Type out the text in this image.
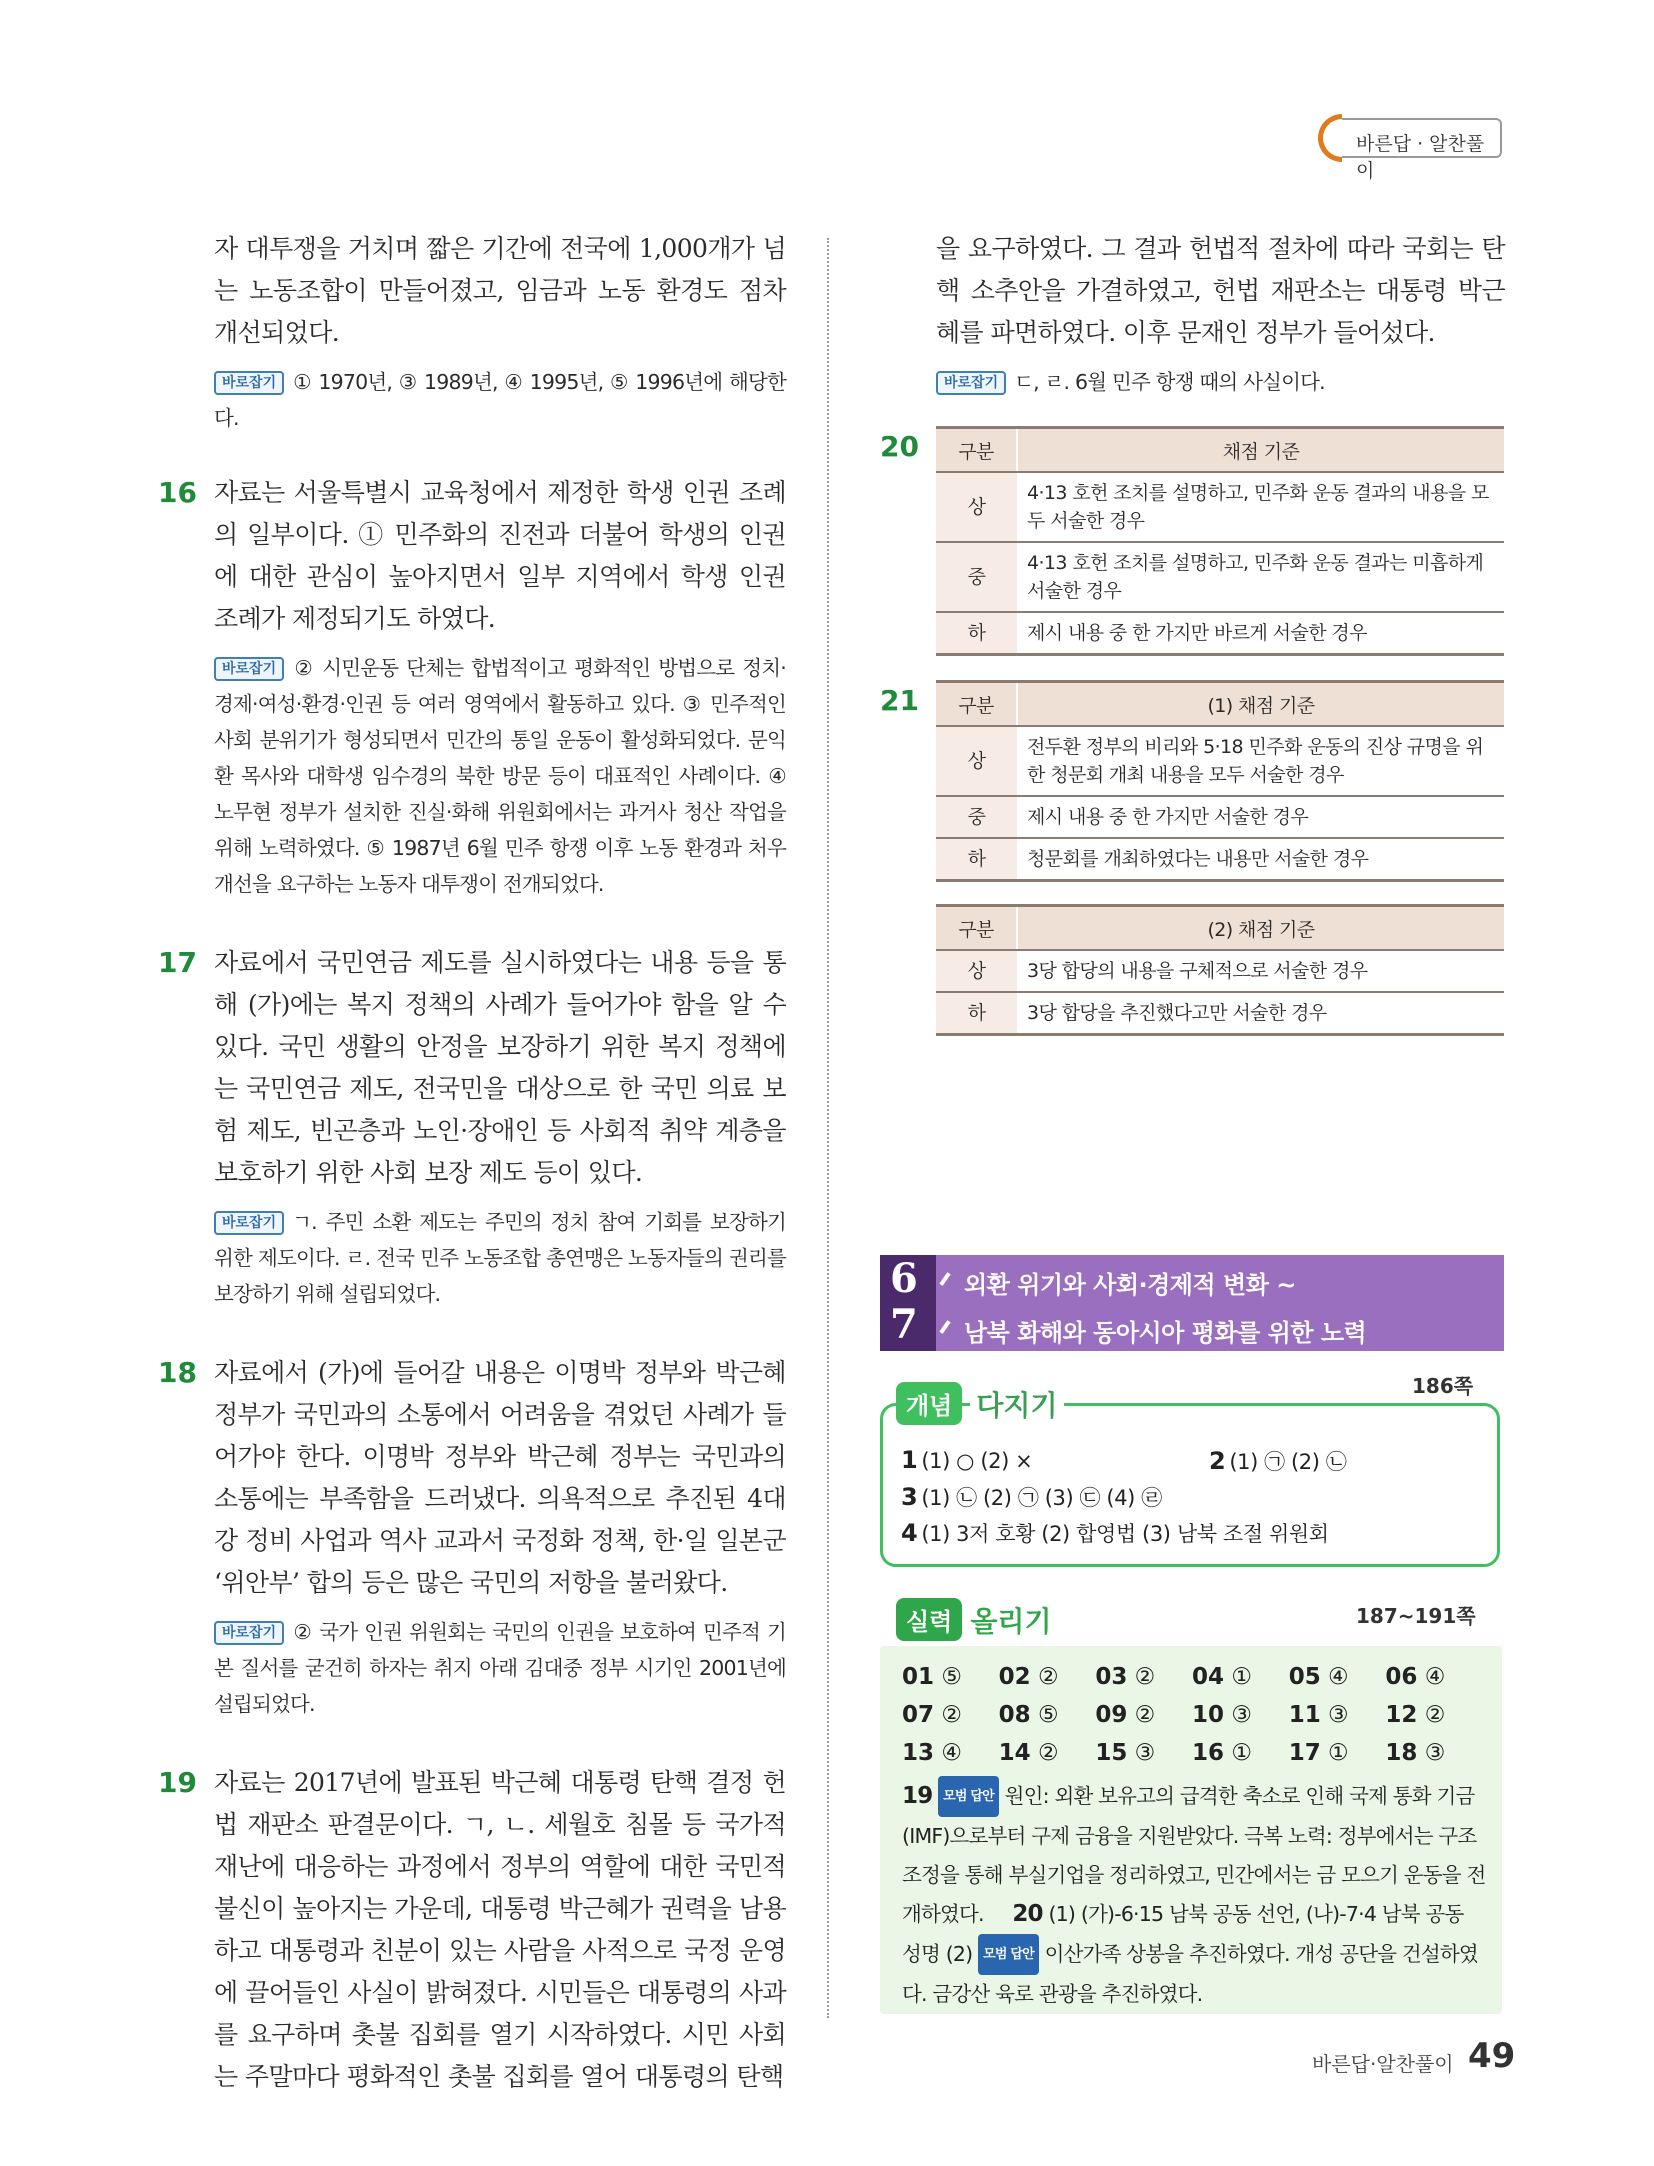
바른답 · 알찬풀이

자 대투쟁을 거치며 짧은 기간에 전국에 1,000개가 넘는 노동조합이 만들어졌고, 임금과 노동 환경도 점차 개선되었다.

바로잡기 ① 1970년, ③ 1989년, ④ 1995년, ⑤ 1996년에 해당한다.

16 자료는 서울특별시 교육청에서 제정한 학생 인권 조례의 일부이다. ① 민주화의 진전과 더불어 학생의 인권에 대한 관심이 높아지면서 일부 지역에서 학생 인권 조례가 제정되기도 하였다.

바로잡기 ② 시민운동 단체는 합법적이고 평화적인 방법으로 정치·경제·여성·환경·인권 등 여러 영역에서 활동하고 있다. ③ 민주적인 사회 분위기가 형성되면서 민간의 통일 운동이 활성화되었다. 문익환 목사와 대학생 임수경의 북한 방문 등이 대표적인 사례이다. ④ 노무현 정부가 설치한 진실·화해 위원회에서는 과거사 청산 작업을 위해 노력하였다. ⑤ 1987년 6월 민주 항쟁 이후 노동 환경과 처우 개선을 요구하는 노동자 대투쟁이 전개되었다.

17 자료에서 국민연금 제도를 실시하였다는 내용 등을 통해 (가)에는 복지 정책의 사례가 들어가야 함을 알 수 있다. 국민 생활의 안정을 보장하기 위한 복지 정책에는 국민연금 제도, 전국민을 대상으로 한 국민 의료 보험 제도, 빈곤층과 노인·장애인 등 사회적 취약 계층을 보호하기 위한 사회 보장 제도 등이 있다.

바로잡기 ㄱ. 주민 소환 제도는 주민의 정치 참여 기회를 보장하기 위한 제도이다. ㄹ. 전국 민주 노동조합 총연맹은 노동자들의 권리를 보장하기 위해 설립되었다.

18 자료에서 (가)에 들어갈 내용은 이명박 정부와 박근혜 정부가 국민과의 소통에서 어려움을 겪었던 사례가 들어가야 한다. 이명박 정부와 박근혜 정부는 국민과의 소통에는 부족함을 드러냈다. 의욕적으로 추진된 4대강 정비 사업과 역사 교과서 국정화 정책, 한·일 일본군 ‘위안부’ 합의 등은 많은 국민의 저항을 불러왔다.

바로잡기 ② 국가 인권 위원회는 국민의 인권을 보호하여 민주적 기본 질서를 굳건히 하자는 취지 아래 김대중 정부 시기인 2001년에 설립되었다.

19 자료는 2017년에 발표된 박근혜 대통령 탄핵 결정 헌법 재판소 판결문이다. ㄱ, ㄴ. 세월호 침몰 등 국가적 재난에 대응하는 과정에서 정부의 역할에 대한 국민적 불신이 높아지는 가운데, 대통령 박근혜가 권력을 남용하고 대통령과 친분이 있는 사람을 사적으로 국정 운영에 끌어들인 사실이 밝혀졌다. 시민들은 대통령의 사과를 요구하며 촛불 집회를 열기 시작하였다. 시민 사회는 주말마다 평화적인 촛불 집회를 열어 대통령의 탄핵

을 요구하였다. 그 결과 헌법적 절차에 따라 국회는 탄핵 소추안을 가결하였고, 헌법 재판소는 대통령 박근혜를 파면하였다. 이후 문재인 정부가 들어섰다.

바로잡기 ㄷ, ㄹ. 6월 민주 항쟁 때의 사실이다.

20 구분	채점 기준
상	4·13 호헌 조치를 설명하고, 민주화 운동 결과의 내용을 모두 서술한 경우
중	4·13 호헌 조치를 설명하고, 민주화 운동 결과는 미흡하게 서술한 경우
하	제시 내용 중 한 가지만 바르게 서술한 경우
21 구분	(1) 채점 기준
상	전두환 정부의 비리와 5·18 민주화 운동의 진상 규명을 위한 청문회 개최 내용을 모두 서술한 경우
중	제시 내용 중 한 가지만 서술한 경우
하	청문회를 개최하였다는 내용만 서술한 경우
구분	(2) 채점 기준
상	3당 합당의 내용을 구체적으로 서술한 경우
하	3당 합당을 추진했다고만 서술한 경우
6
7
외환 위기와 사회·경제적 변화 ~
남북 화해와 동아시아 평화를 위한 노력
1 (1) ○ (2) ×	2 (1) ㉠ (2) ㉡
3 (1) ㉡ (2) ㉠ (3) ㉢ (4) ㉣
4 (1) 3저 호황 (2) 합영법 (3) 남북 조절 위원회
개념 다지기
186쪽
실력 올리기	187~191쪽
01 ⑤	02 ②	03 ②	04 ①	05 ④	06 ④
07 ②	08 ⑤	09 ②	10 ③	11 ③	12 ②
13 ④	14 ②	15 ③	16 ①	17 ①	18 ③
19 모범 답안 원인: 외환 보유고의 급격한 축소로 인해 국제 통화 기금(IMF)으로부터 구제 금융을 지원받았다. 극복 노력: 정부에서는 구조 조정을 통해 부실기업을 정리하였고, 민간에서는 금 모으기 운동을 전개하였다. 20 (1) (가)-6·15 남북 공동 선언, (나)-7·4 남북 공동 성명 (2) 모범 답안 이산가족 상봉을 추진하였다. 개성 공단을 건설하였다. 금강산 육로 관광을 추진하였다.
바른답·알찬풀이 49
